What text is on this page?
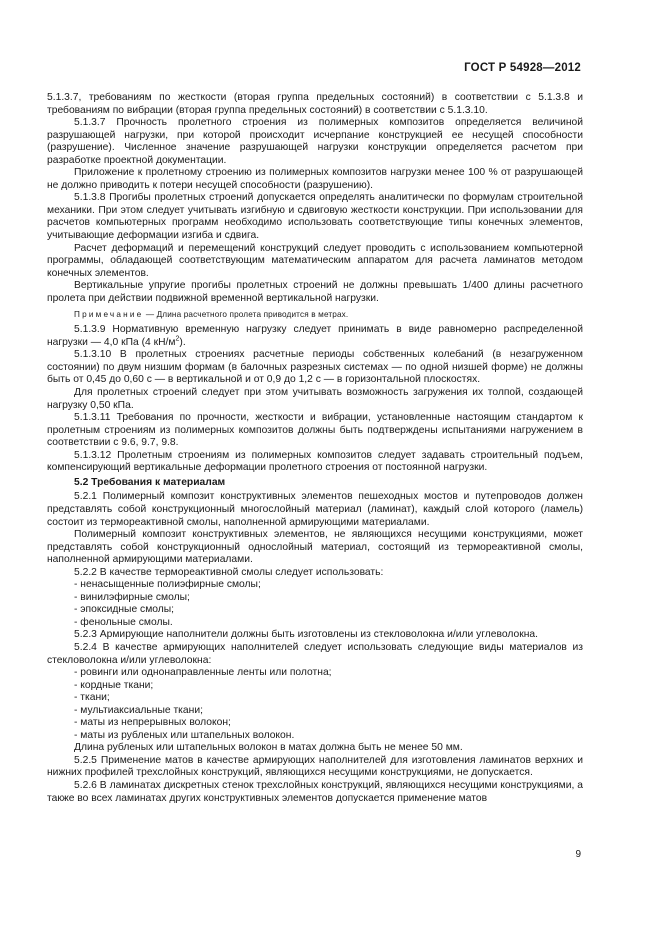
ГОСТ Р 54928—2012

5.1.3.7, требованиям по жесткости (вторая группа предельных состояний) в соответствии с 5.1.3.8 и требованиям по вибрации (вторая группа предельных состояний) в соответствии с 5.1.3.10.

5.1.3.7 Прочность пролетного строения из полимерных композитов определяется величиной разрушающей нагрузки, при которой происходит исчерпание конструкцией ее несущей способности (разрушение). Численное значение разрушающей нагрузки конструкции определяется расчетом при разработке проектной документации.

Приложение к пролетному строению из полимерных композитов нагрузки менее 100 % от разрушающей не должно приводить к потери несущей способности (разрушению).

5.1.3.8 Прогибы пролетных строений допускается определять аналитически по формулам строительной механики. При этом следует учитывать изгибную и сдвиговую жесткости конструкции. При использовании для расчетов компьютерных программ необходимо использовать соответствующие типы конечных элементов, учитывающие деформации изгиба и сдвига.

Расчет деформаций и перемещений конструкций следует проводить с использованием компьютерной программы, обладающей соответствующим математическим аппаратом для расчета ламинатов методом конечных элементов.

Вертикальные упругие прогибы пролетных строений не должны превышать 1/400 длины расчетного пролета при действии подвижной временной вертикальной нагрузки.

Примечание — Длина расчетного пролета приводится в метрах.

5.1.3.9 Нормативную временную нагрузку следует принимать в виде равномерно распределенной нагрузки — 4,0 кПа (4 $кН/м^2$).

5.1.3.10 В пролетных строениях расчетные периоды собственных колебаний (в незагруженном состоянии) по двум низшим формам (в балочных разрезных системах — по одной низшей форме) не должны быть от 0,45 до 0,60 с — в вертикальной и от 0,9 до 1,2 с — в горизонтальной плоскостях.

Для пролетных строений следует при этом учитывать возможность загружения их толпой, создающей нагрузку 0,50 кПа.

5.1.3.11 Требования по прочности, жесткости и вибрации, установленные настоящим стандартом к пролетным строениям из полимерных композитов должны быть подтверждены испытаниями нагружением в соответствии с 9.6, 9.7, 9.8.

5.1.3.12 Пролетным строениям из полимерных композитов следует задавать строительный подъем, компенсирующий вертикальные деформации пролетного строения от постоянной нагрузки.

5.2 Требования к материалам

5.2.1 Полимерный композит конструктивных элементов пешеходных мостов и путепроводов должен представлять собой конструкционный многослойный материал (ламинат), каждый слой которого (ламель) состоит из термореактивной смолы, наполненной армирующими материалами.

Полимерный композит конструктивных элементов, не являющихся несущими конструкциями, может представлять собой конструкционный однослойный материал, состоящий из термореактивной смолы, наполненной армирующими материалами.

5.2.2 В качестве термореактивной смолы следует использовать:

- ненасыщенные полиэфирные смолы;

- винилэфирные смолы;

- эпоксидные смолы;

- фенольные смолы.

5.2.3 Армирующие наполнители должны быть изготовлены из стекловолокна и/или углеволокна.

5.2.4 В качестве армирующих наполнителей следует использовать следующие виды материалов из стекловолокна и/или углеволокна:

- ровинги или однонаправленные ленты или полотна;

- кордные ткани;

- ткани;

- мультиаксиальные ткани;

- маты из непрерывных волокон;

- маты из рубленых или штапельных волокон.

Длина рубленых или штапельных волокон в матах должна быть не менее 50 мм.

5.2.5 Применение матов в качестве армирующих наполнителей для изготовления ламинатов верхних и нижних профилей трехслойных конструкций, являющихся несущими конструкциями, не допускается.

5.2.6 В ламинатах дискретных стенок трехслойных конструкций, являющихся несущими конструкциями, а также во всех ламинатах других конструктивных элементов допускается применение матов

9
